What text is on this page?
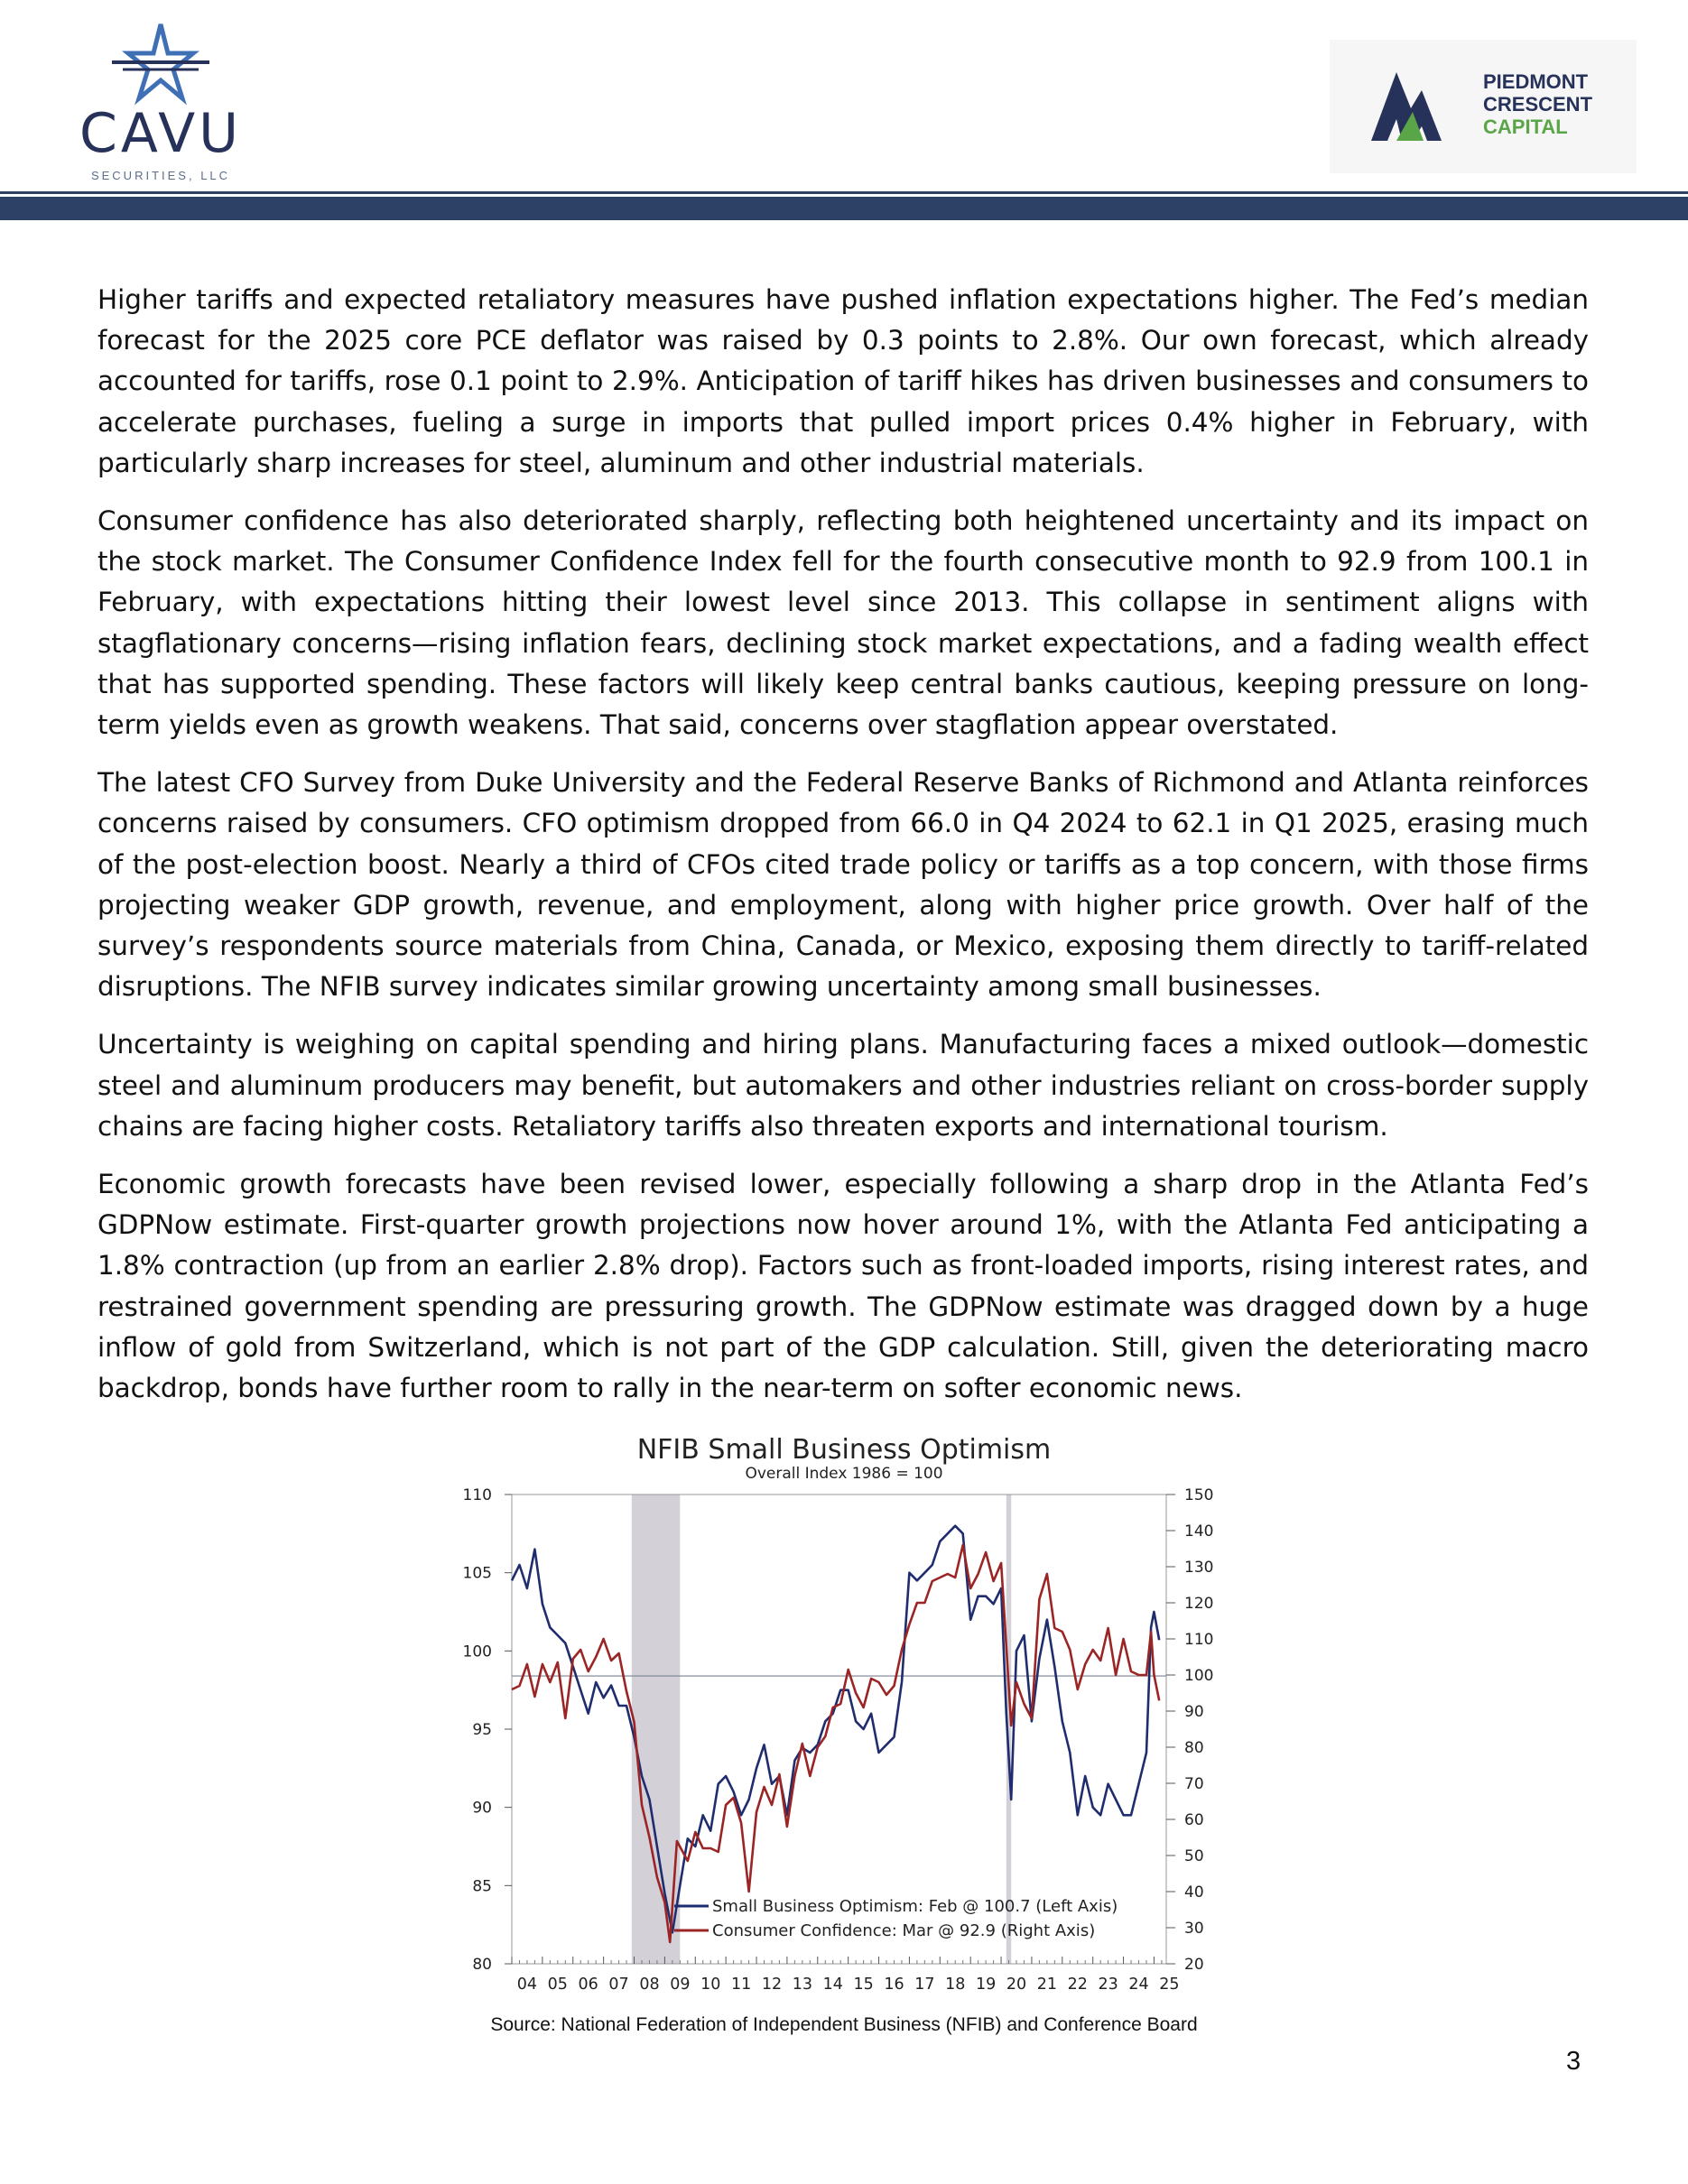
CAVU
SECURITIES, LLC
PIEDMONT
CRESCENT
CAPITAL

Higher tariffs and expected retaliatory measures have pushed inflation expectations higher. The Fed’s median forecast for the 2025 core PCE deflator was raised by 0.3 points to 2.8%. Our own forecast, which already accounted for tariffs, rose 0.1 point to 2.9%. Anticipation of tariff hikes has driven businesses and consumers to accelerate purchases, fueling a surge in imports that pulled import prices 0.4% higher in February, with particularly sharp increases for steel, aluminum and other industrial materials.

Consumer confidence has also deteriorated sharply, reflecting both heightened uncertainty and its impact on the stock market. The Consumer Confidence Index fell for the fourth consecutive month to 92.9 from 100.1 in February, with expectations hitting their lowest level since 2013. This collapse in sentiment aligns with stagflationary concerns—rising inflation fears, declining stock market expectations, and a fading wealth effect that has supported spending. These factors will likely keep central banks cautious, keeping pressure on long-term yields even as growth weakens. That said, concerns over stagflation appear overstated.

The latest CFO Survey from Duke University and the Federal Reserve Banks of Richmond and Atlanta reinforces concerns raised by consumers. CFO optimism dropped from 66.0 in Q4 2024 to 62.1 in Q1 2025, erasing much of the post-election boost. Nearly a third of CFOs cited trade policy or tariffs as a top concern, with those firms projecting weaker GDP growth, revenue, and employment, along with higher price growth. Over half of the survey’s respondents source materials from China, Canada, or Mexico, exposing them directly to tariff-related disruptions. The NFIB survey indicates similar growing uncertainty among small businesses.

Uncertainty is weighing on capital spending and hiring plans. Manufacturing faces a mixed outlook—domestic steel and aluminum producers may benefit, but automakers and other industries reliant on cross-border supply chains are facing higher costs. Retaliatory tariffs also threaten exports and international tourism.

Economic growth forecasts have been revised lower, especially following a sharp drop in the Atlanta Fed’s GDPNow estimate. First-quarter growth projections now hover around 1%, with the Atlanta Fed anticipating a 1.8% contraction (up from an earlier 2.8% drop). Factors such as front-loaded imports, rising interest rates, and restrained government spending are pressuring growth. The GDPNow estimate was dragged down by a huge inflow of gold from Switzerland, which is not part of the GDP calculation. Still, given the deteriorating macro backdrop, bonds have further room to rally in the near-term on softer economic news.

80
85
90
95
100
105
110
20
30
40
50
60
70
80
90
100
110
120
130
140
150
04 05 06 07 08 09 10 11 12 13 14 15 16 17 18 19 20 21 22 23 24 25
NFIB Small Business Optimism
Overall Index 1986 = 100
Small Business Optimism: Feb @ 100.7 (Left Axis)
Consumer Confidence: Mar @ 92.9 (Right Axis)
Source: National Federation of Independent Business (NFIB) and Conference Board
3
